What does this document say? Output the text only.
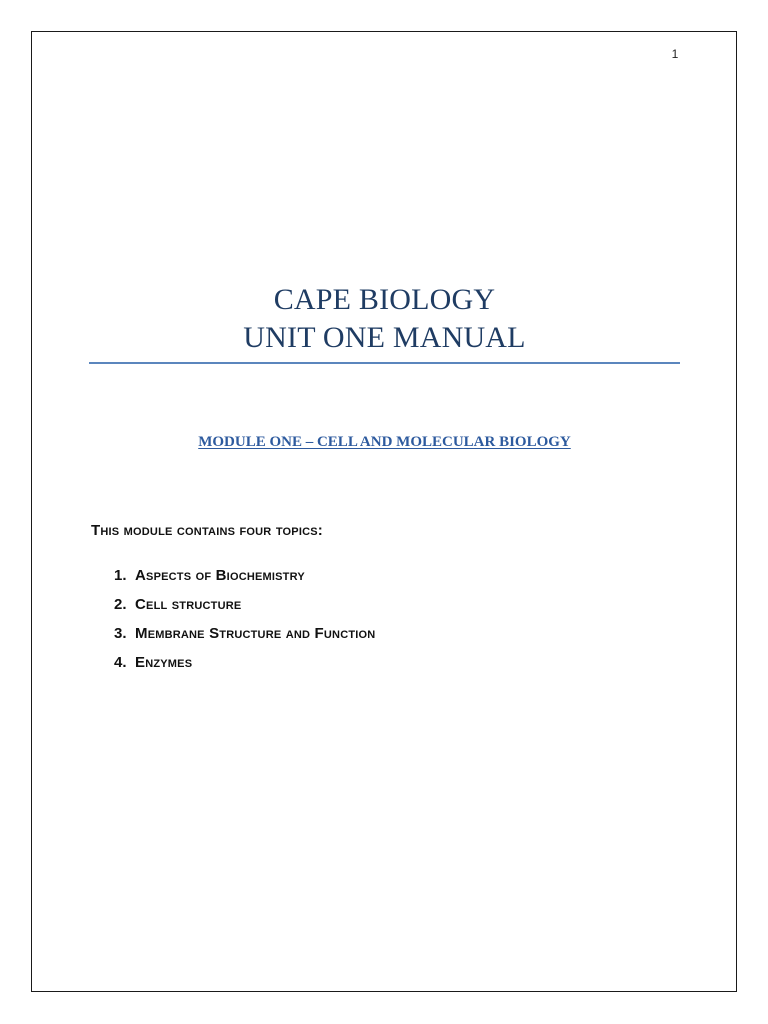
1
CAPE BIOLOGY
UNIT ONE MANUAL
MODULE ONE – CELL AND MOLECULAR BIOLOGY
This module contains four topics:
1. Aspects of Biochemistry
2. Cell structure
3. Membrane Structure and Function
4. Enzymes
